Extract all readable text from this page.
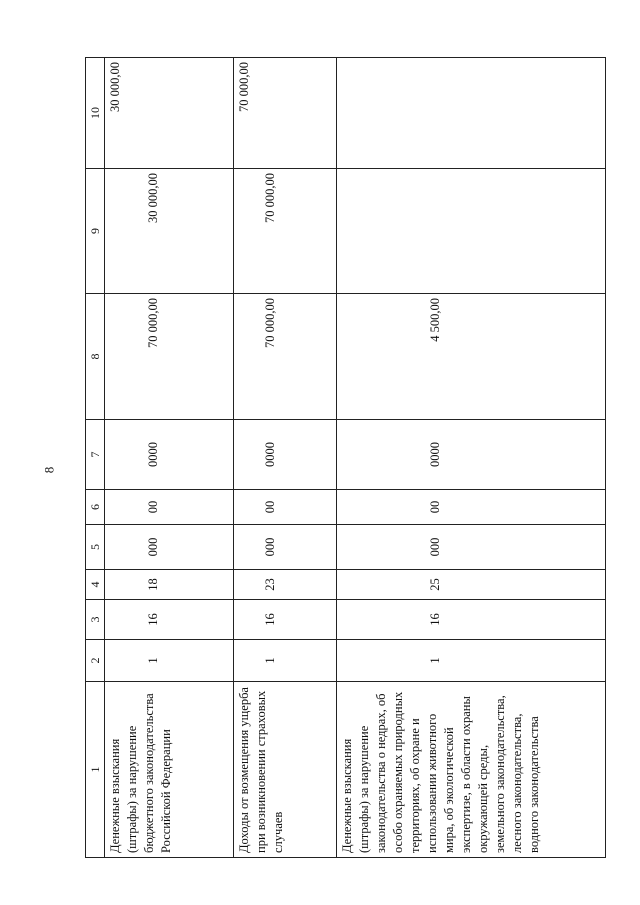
8
1	2	3	4	5	6	7	8	9	10
Денежные взыскания (штрафы) за нарушение бюджетного законодательства Российской Федерации	1	16	18	000	00	0000	70 000,00	30 000,00	30 000,00
Доходы от возмещения ущерба при возникновении страховых случаев	1	16	23	000	00	0000	70 000,00	70 000,00	70 000,00
Денежные взыскания (штрафы) за нарушение законодательства о недрах, об особо охраняемых природных территориях, об охране и использовании животного мира, об экологической экспертизе, в области охраны окружающей среды, земельного законодательства, лесного законодательства, водного законодательства	1	16	25	000	00	0000	4 500,00		
